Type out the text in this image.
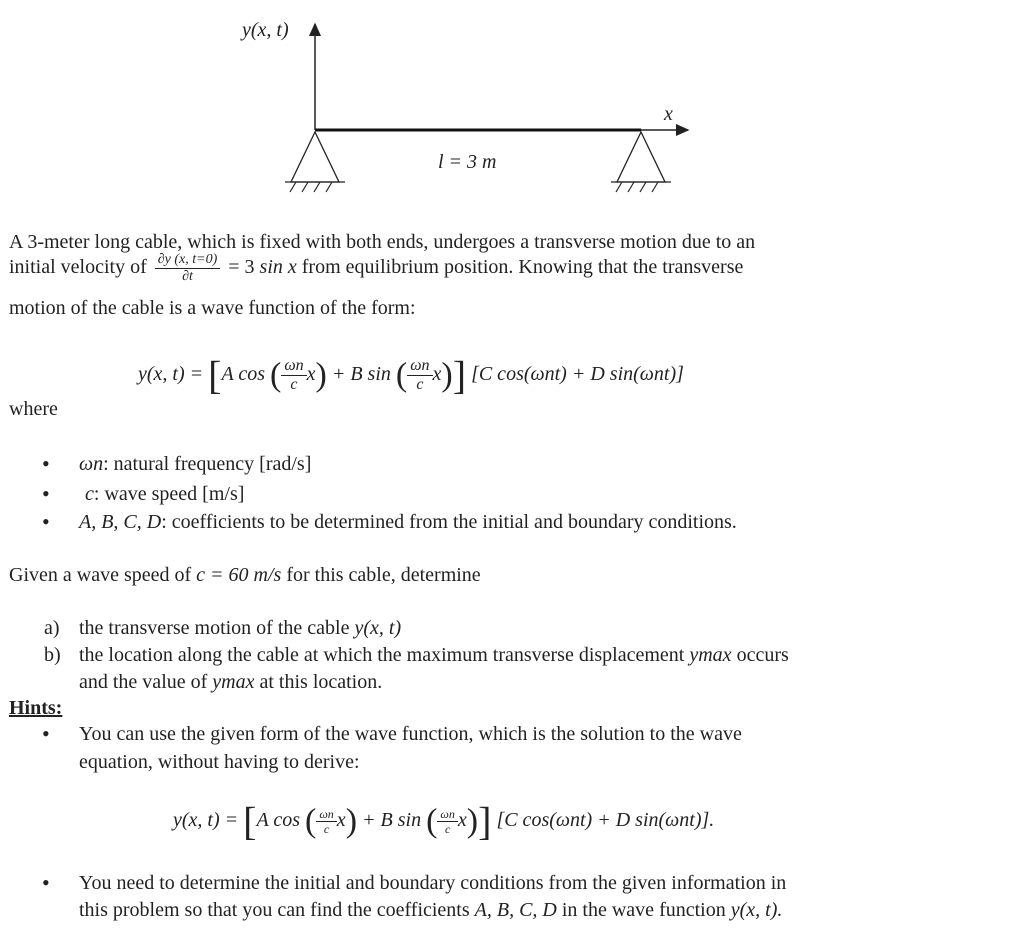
y(x, t)
x
l = 3 m
A 3-meter long cable, which is fixed with both ends, undergoes a transverse motion due to an
initial velocity of $\frac{\partial y (x, t=0)}{\partial t} = 3$ sin x from equilibrium position. Knowing that the transverse
motion of the cable is a wave function of the form:
y(x, t) = [A cos ( $\frac{\omega n}{c} x) + B$ sin ( $\frac{\omega n}{c} x$)] [C cos(ωnt) + D sin(ωnt)]
where
• ωn: natural frequency [rad/s]
• c: wave speed [m/s]
• A, B, C, D: coefficients to be determined from the initial and boundary conditions.
Given a wave speed of c = 60 m/s for this cable, determine
a) the transverse motion of the cable y(x, t)
b) the location along the cable at which the maximum transverse displacement ymax occurs
and the value of ymax at this location.
Hints:
• You can use the given form of the wave function, which is the solution to the wave
equation, without having to derive:
y(x, t) = [A cos ( $\frac{\omega n}{c} x) + B$ sin ( $\frac{\omega n}{c} x$)] [C cos(ωnt) + D sin(ωnt)].
• You need to determine the initial and boundary conditions from the given information in
this problem so that you can find the coefficients A, B, C, D in the wave function y(x, t).
